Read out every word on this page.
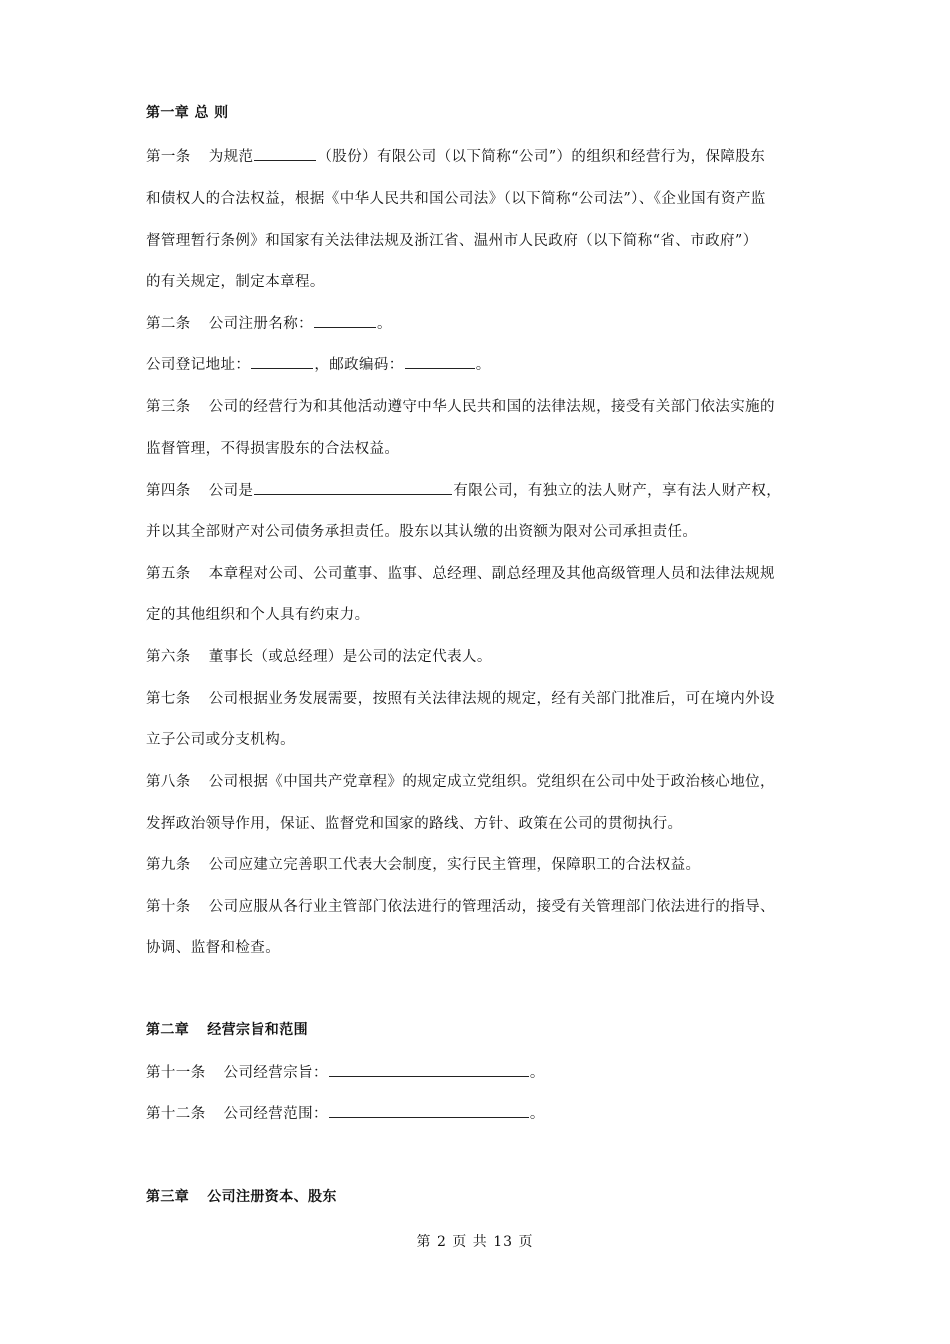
第一章 总 则
第一条 为规范	（股份）有限公司（以下简称“公司”）的组织和经营行为，保障股东
和债权人的合法权益，根据《中华人民共和国公司法》（以下简称“公司法”）、《企业国有资产监
督管理暂行条例》和国家有关法律法规及浙江省、温州市人民政府（以下简称“省、市政府”）
的有关规定，制定本章程。
第二条 公司注册名称：	。
公司登记地址：	，邮政编码：	。
第三条 公司的经营行为和其他活动遵守中华人民共和国的法律法规，接受有关部门依法实施的
监督管理，不得损害股东的合法权益。
第四条 公司是	有限公司，有独立的法人财产，享有法人财产权，
并以其全部财产对公司债务承担责任。股东以其认缴的出资额为限对公司承担责任。
第五条 本章程对公司、公司董事、监事、总经理、副总经理及其他高级管理人员和法律法规规
定的其他组织和个人具有约束力。
第六条 董事长（或总经理）是公司的法定代表人。
第七条 公司根据业务发展需要，按照有关法律法规的规定，经有关部门批准后，可在境内外设
立子公司或分支机构。
第八条 公司根据《中国共产党章程》的规定成立党组织。党组织在公司中处于政治核心地位，
发挥政治领导作用，保证、监督党和国家的路线、方针、政策在公司的贯彻执行。
第九条 公司应建立完善职工代表大会制度，实行民主管理，保障职工的合法权益。
第十条 公司应服从各行业主管部门依法进行的管理活动，接受有关管理部门依法进行的指导、
协调、监督和检查。
第二章 经营宗旨和范围
第十一条 公司经营宗旨：	。
第十二条 公司经营范围：	。
第三章 公司注册资本、股东
第 2 页 共 13 页
